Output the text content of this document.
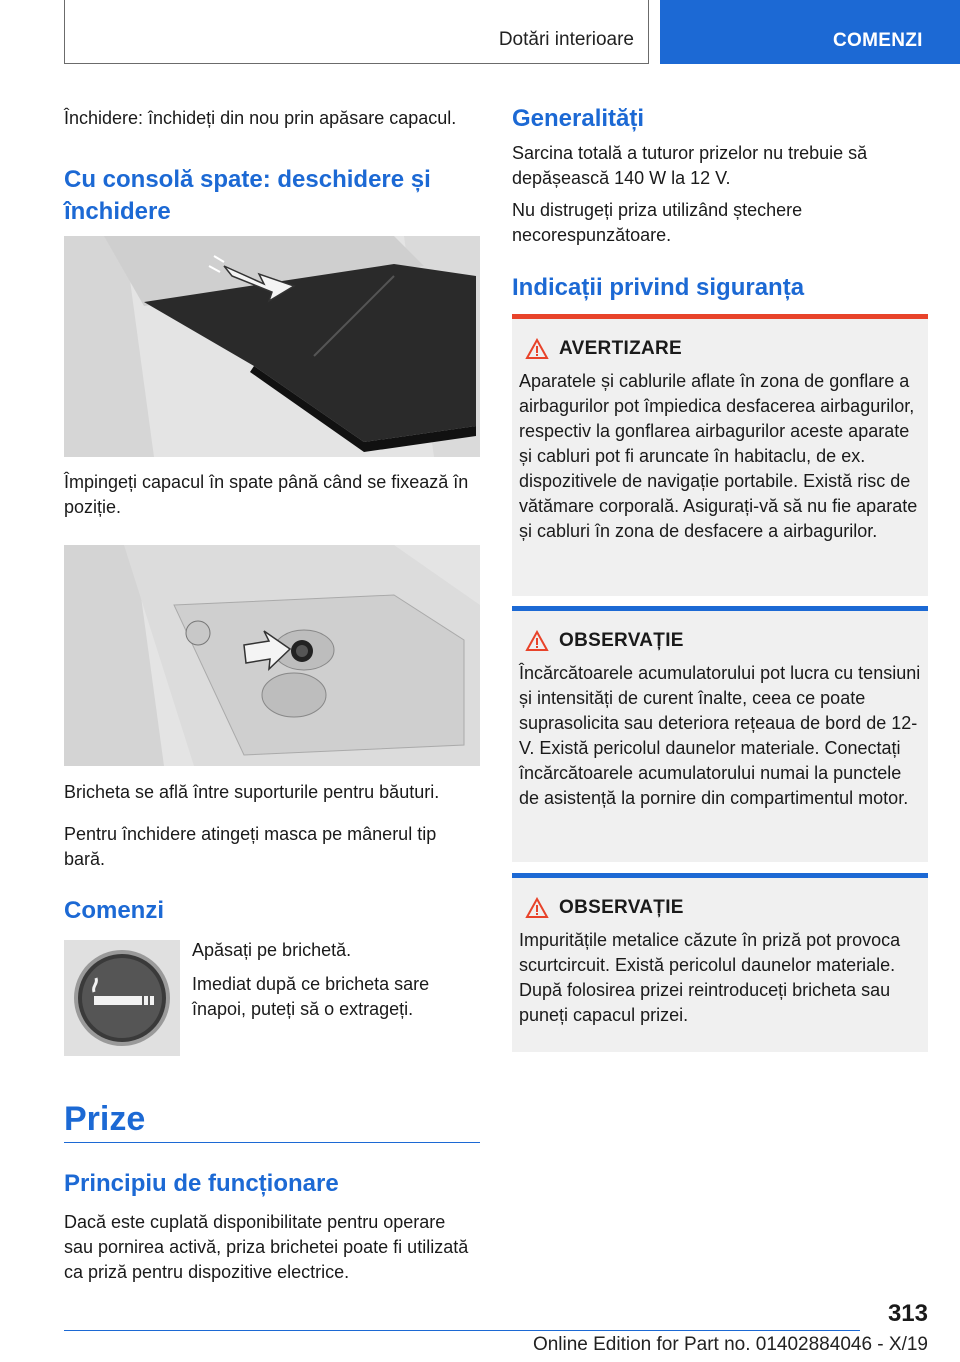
Dotări interioare	COMENZI

Închidere: închideți din nou prin apăsare capacul.

Cu consolă spate: deschidere și închidere

Împingeți capacul în spate până când se fixează în poziție.

Bricheta se află între suporturile pentru băuturi.

Pentru închidere atingeți masca pe mânerul tip bară.

Comenzi

Apăsați pe brichetă.

Imediat după ce bricheta sare înapoi, puteți să o extrageți.

Prize
Principiu de funcționare

Dacă este cuplată disponibilitate pentru operare sau pornirea activă, priza brichetei poate fi utilizată ca priză pentru dispozitive electrice.

Generalități

Sarcina totală a tuturor prizelor nu trebuie să depășească 140 W la 12 V.

Nu distrugeți priza utilizând ștechere necorespunzătoare.

Indicații privind siguranța
AVERTIZARE

Aparatele și cablurile aflate în zona de gonflare a airbagurilor pot împiedica desfacerea airbagurilor, respectiv la gonflarea airbagurilor aceste aparate și cabluri pot fi aruncate în habitaclu, de ex. dispozitivele de navigație portabile. Există risc de vătămare corporală. Asigurați-vă să nu fie aparate și cabluri în zona de desfacere a airbagurilor.

OBSERVAȚIE

Încărcătoarele acumulatorului pot lucra cu tensiuni și intensități de curent înalte, ceea ce poate suprasolicita sau deteriora rețeaua de bord de 12-V. Există pericolul daunelor materiale. Conectați încărcătoarele acumulatorului numai la punctele de asistență la pornire din compartimentul motor.

OBSERVAȚIE

Impuritățile metalice căzute în priză pot provoca scurtcircuit. Există pericolul daunelor materiale. După folosirea prizei reintroduceți bricheta sau puneți capacul prizei.

313
Online Edition for Part no. 01402884046 - X/19
